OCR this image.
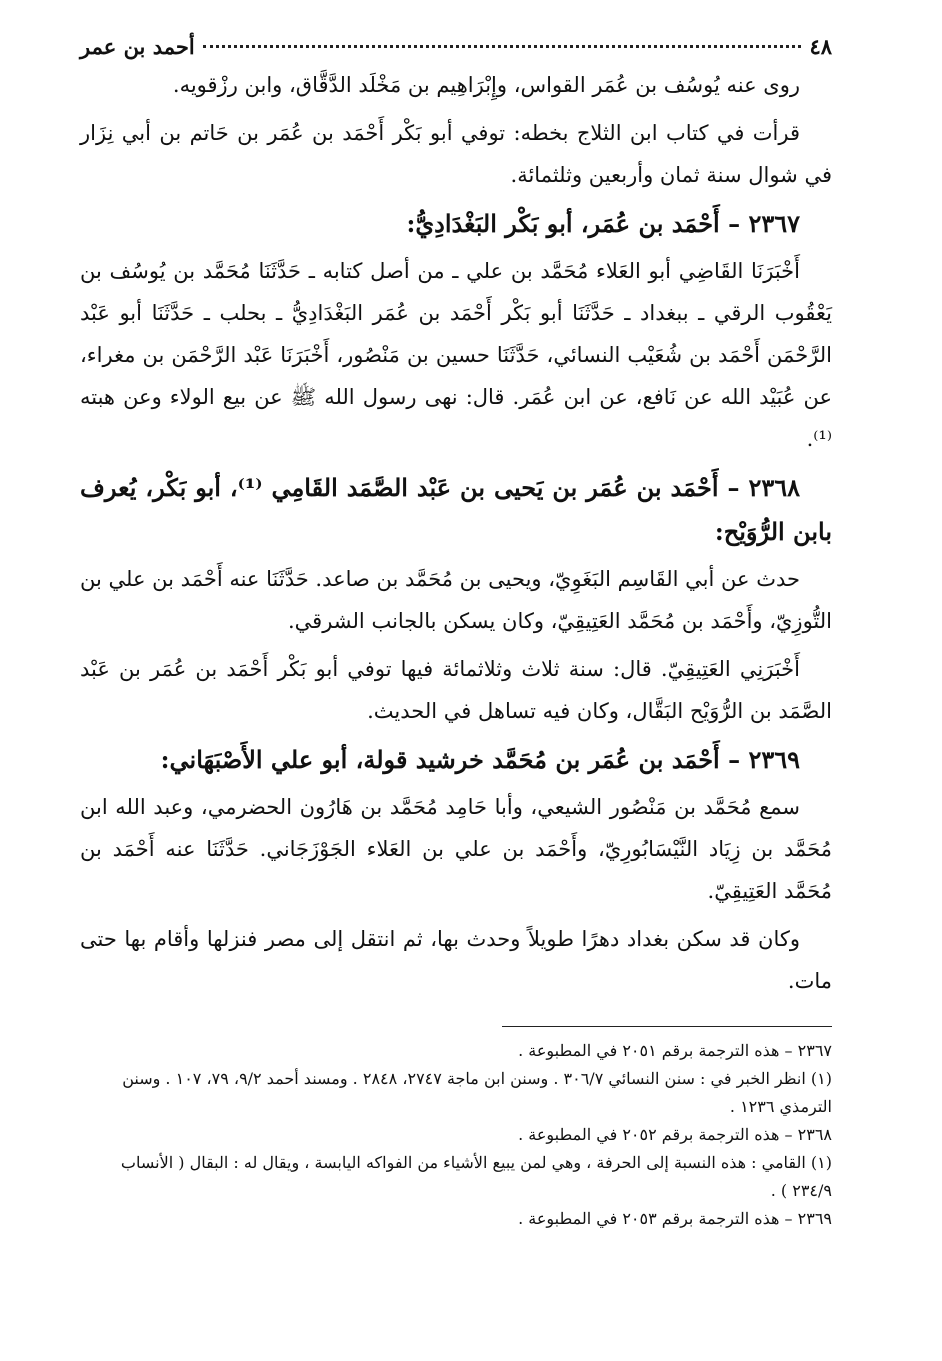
٤٨
أحمد بن عمر

روى عنه يُوسُف بن عُمَر القواس، وإِبْرَاهِيم بن مَخْلَد الدَّقَّاق، وابن رزْقويه.

قرأت في كتاب ابن الثلاج بخطه: توفي أبو بَكْر أَحْمَد بن عُمَر بن حَاتم بن أبي نِزَار في شوال سنة ثمان وأربعين وثلثمائة.

٢٣٦٧ – أَحْمَد بن عُمَر، أبو بَكْر البَغْدَادِيُّ:

أَخْبَرَنَا القَاضِي أبو العَلاء مُحَمَّد بن علي ـ من أصل كتابه ـ حَدَّثَنَا مُحَمَّد بن يُوسُف بن يَعْقُوب الرقي ـ ببغداد ـ حَدَّثَنَا أبو بَكْر أَحْمَد بن عُمَر البَغْدَادِيُّ ـ بحلب ـ حَدَّثَنَا أبو عَبْد الرَّحْمَن أَحْمَد بن شُعَيْب النسائي، حَدَّثَنَا حسين بن مَنْصُور، أَخْبَرَنَا عَبْد الرَّحْمَن بن مغراء، عن عُبَيْد الله عن نَافع، عن ابن عُمَر. قال: نهى رسول الله ﷺ عن بيع الولاء وعن هبته ⁽¹⁾.

٢٣٦٨ – أَحْمَد بن عُمَر بن يَحيى بن عَبْد الصَّمَد القَامِي ⁽¹⁾، أبو بَكْر، يُعرف بابن الرُّوَيْح:

حدث عن أبي القَاسِم البَغَوِيّ، ويحيى بن مُحَمَّد بن صاعد. حَدَّثَنَا عنه أَحْمَد بن علي بن التُّوزِيّ، وأَحْمَد بن مُحَمَّد العَتِيقِيّ، وكان يسكن بالجانب الشرقي.

أَخْبَرَنِي العَتِيقِيّ. قال: سنة ثلاث وثلاثمائة فيها توفي أبو بَكْر أَحْمَد بن عُمَر بن عَبْد الصَّمَد بن الرُّوَيْح البَقَّال، وكان فيه تساهل في الحديث.

٢٣٦٩ – أَحْمَد بن عُمَر بن مُحَمَّد خرشيد قولة، أبو علي الأَصْبَهَاني:

سمع مُحَمَّد بن مَنْصُور الشيعي، وأبا حَامِد مُحَمَّد بن هَارُون الحضرمي، وعبد الله ابن مُحَمَّد بن زِيَاد النَّيْسَابُورِيّ، وأَحْمَد بن علي بن العَلاء الجَوْزَجَاني. حَدَّثَنَا عنه أَحْمَد بن مُحَمَّد العَتِيقِيّ.

وكان قد سكن بغداد دهرًا طويلاً وحدث بها، ثم انتقل إلى مصر فنزلها وأقام بها حتى مات.

٢٣٦٧ – هذه الترجمة برقم ٢٠٥١ في المطبوعة .
(١) انظر الخبر في : سنن النسائي ٣٠٦/٧ . وسنن ابن ماجة ٢٧٤٧، ٢٨٤٨ . ومسند أحمد ٩/٢، ٧٩، ١٠٧ . وسنن الترمذي ١٢٣٦ .
٢٣٦٨ – هذه الترجمة برقم ٢٠٥٢ في المطبوعة .
(١) القامي : هذه النسبة إلى الحرفة ، وهي لمن يبيع الأشياء من الفواكه اليابسة ، ويقال له : البقال ( الأنساب ٢٣٤/٩ ) .
٢٣٦٩ – هذه الترجمة برقم ٢٠٥٣ في المطبوعة .
